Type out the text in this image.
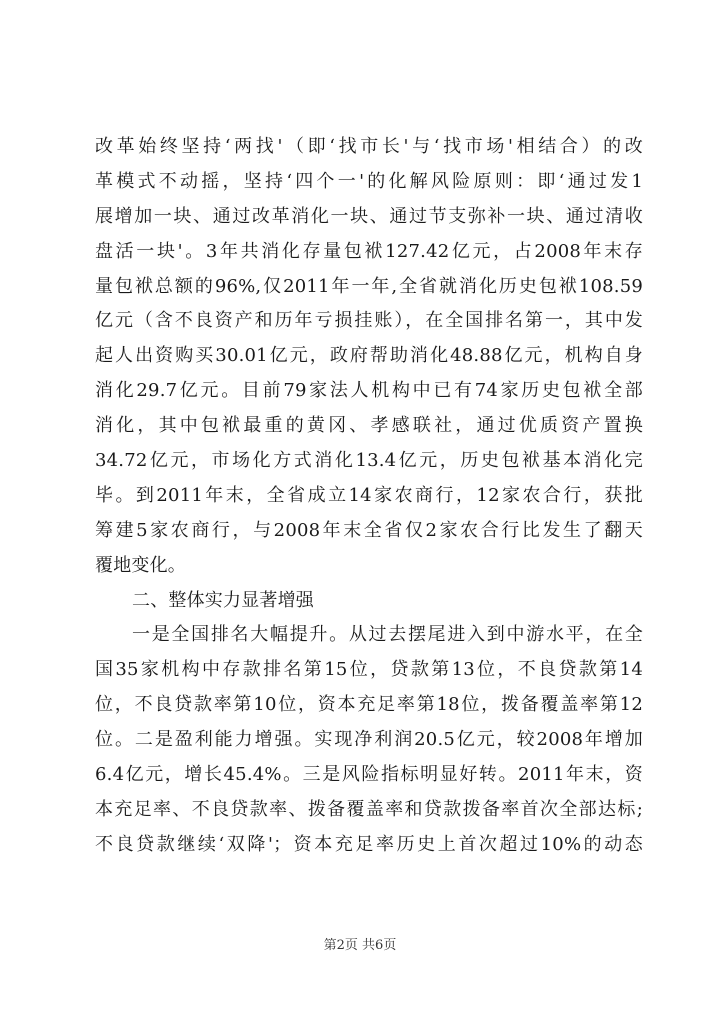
改革始终坚持‘两找'（即‘找市长'与‘找市场'相结合）的改
革模式不动摇，坚持‘四个一'的化解风险原则：即‘通过发1
展增加一块、通过改革消化一块、通过节支弥补一块、通过清收
盘活一块'。3年共消化存量包袱127.42亿元，占2008年末存
量包袱总额的96%,仅2011年一年,全省就消化历史包袱108.59
亿元（含不良资产和历年亏损挂账），在全国排名第一，其中发
起人出资购买30.01亿元，政府帮助消化48.88亿元，机构自身
消化29.7亿元。目前79家法人机构中已有74家历史包袱全部
消化，其中包袱最重的黄冈、孝感联社，通过优质资产置换
34.72亿元，市场化方式消化13.4亿元，历史包袱基本消化完
毕。到2011年末，全省成立14家农商行，12家农合行，获批
筹建5家农商行，与2008年末全省仅2家农合行比发生了翻天
覆地变化。
二、整体实力显著增强
一是全国排名大幅提升。从过去摆尾进入到中游水平，在全
国35家机构中存款排名第15位，贷款第13位，不良贷款第14
位，不良贷款率第10位，资本充足率第18位，拨备覆盖率第12
位。二是盈利能力增强。实现净利润20.5亿元，较2008年增加
6.4亿元，增长45.4%。三是风险指标明显好转。2011年末，资
本充足率、不良贷款率、拨备覆盖率和贷款拨备率首次全部达标;
不良贷款继续‘双降'；资本充足率历史上首次超过10%的动态
第2页 共6页
